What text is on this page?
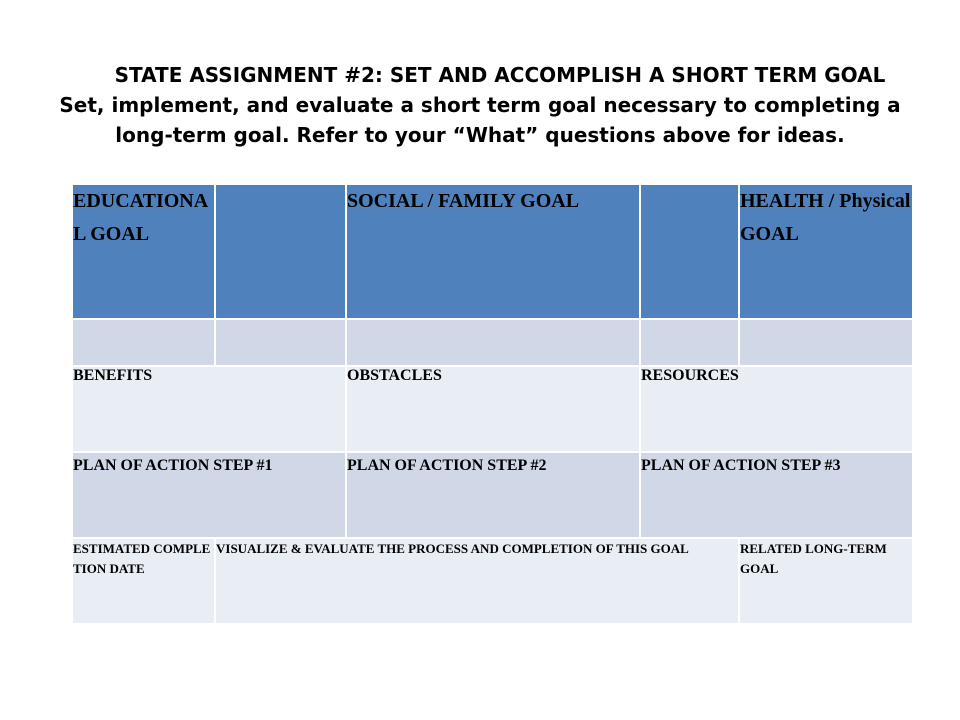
STATE ASSIGNMENT #2: SET AND ACCOMPLISH A SHORT TERM GOAL
Set, implement, and evaluate a short term goal necessary to completing a
long-term goal. Refer to your “What” questions above for ideas.
EDUCATIONAL GOAL		SOCIAL / FAMILY GOAL		HEALTH / Physical GOAL

BENEFITS		OBSTACLES	RESOURCES	
PLAN OF ACTION STEP #1		PLAN OF ACTION STEP #2	PLAN OF ACTION STEP #3	
ESTIMATED COMPLETION DATE	VISUALIZE & EVALUATE THE PROCESS AND COMPLETION OF THIS GOAL			RELATED LONG-TERM GOAL
